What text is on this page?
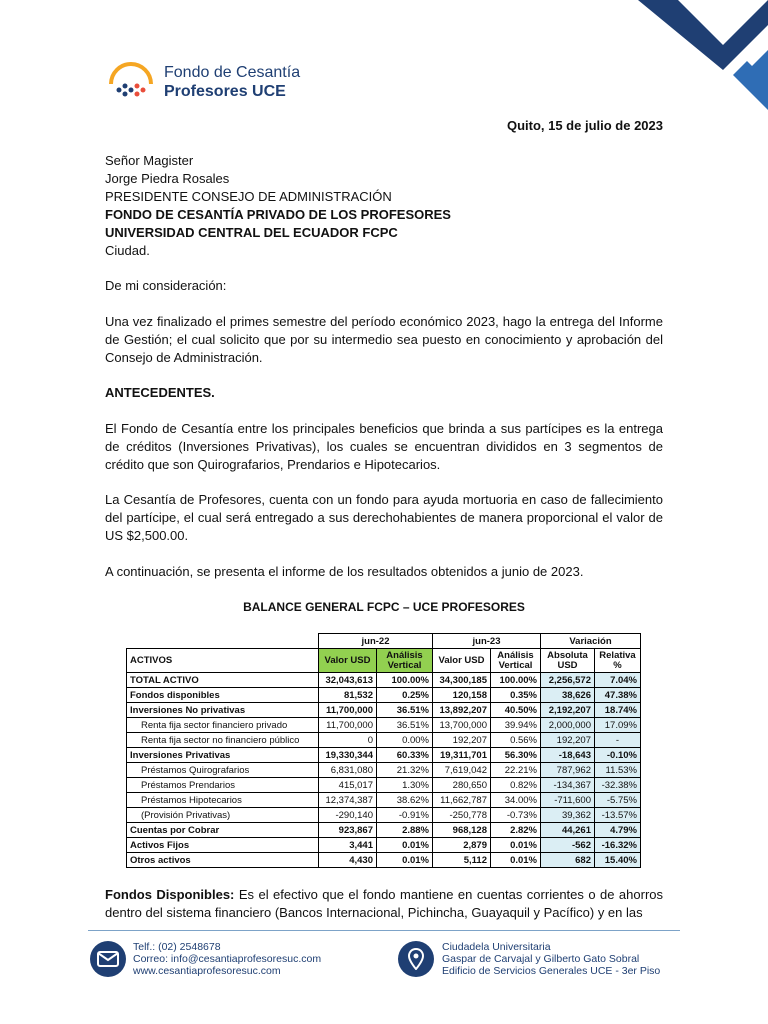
Fondo de Cesantía
Profesores UCE
Quito, 15 de julio de 2023
Señor Magister
Jorge Piedra Rosales
PRESIDENTE CONSEJO DE ADMINISTRACIÓN
FONDO DE CESANTÍA PRIVADO DE LOS PROFESORES
UNIVERSIDAD CENTRAL DEL ECUADOR FCPC
Ciudad.
De mi consideración:
Una vez finalizado el primes semestre del período económico 2023, hago la entrega del Informe de Gestión; el cual solicito que por su intermedio sea puesto en conocimiento y aprobación del Consejo de Administración.
ANTECEDENTES.
El Fondo de Cesantía entre los principales beneficios que brinda a sus partícipes es la entrega de créditos (Inversiones Privativas), los cuales se encuentran divididos en 3 segmentos de crédito que son Quirografarios, Prendarios e Hipotecarios.
La Cesantía de Profesores, cuenta con un fondo para ayuda mortuoria en caso de fallecimiento del partícipe, el cual será entregado a sus derechohabientes de manera proporcional el valor de US $2,500.00.
A continuación, se presenta el informe de los resultados obtenidos a junio de 2023.
BALANCE GENERAL FCPC – UCE PROFESORES
	jun-22		jun-23		Variación	
ACTIVOS	Valor USD	Análisis Vertical	Valor USD	Análisis Vertical	Absoluta USD	Relativa %
TOTAL ACTIVO	32,043,613	100.00%	34,300,185	100.00%	2,256,572	7.04%
Fondos disponibles	81,532	0.25%	120,158	0.35%	38,626	47.38%
Inversiones No privativas	11,700,000	36.51%	13,892,207	40.50%	2,192,207	18.74%
Renta fija sector financiero privado	11,700,000	36.51%	13,700,000	39.94%	2,000,000	17.09%
Renta fija sector no financiero público	0	0.00%	192,207	0.56%	192,207	-
Inversiones Privativas	19,330,344	60.33%	19,311,701	56.30%	-18,643	-0.10%
Préstamos Quirografarios	6,831,080	21.32%	7,619,042	22.21%	787,962	11.53%
Préstamos Prendarios	415,017	1.30%	280,650	0.82%	-134,367	-32.38%
Préstamos Hipotecarios	12,374,387	38.62%	11,662,787	34.00%	-711,600	-5.75%
(Provisión Privativas)	-290,140	-0.91%	-250,778	-0.73%	39,362	-13.57%
Cuentas por Cobrar	923,867	2.88%	968,128	2.82%	44,261	4.79%
Activos Fijos	3,441	0.01%	2,879	0.01%	-562	-16.32%
Otros activos	4,430	0.01%	5,112	0.01%	682	15.40%
Fondos Disponibles: Es el efectivo que el fondo mantiene en cuentas corrientes o de ahorros dentro del sistema financiero (Bancos Internacional, Pichincha, Guayaquil y Pacífico) y en las
Telf.: (02) 2548678
Correo: info@cesantiaprofesoresuc.com
www.cesantiaprofesoresuc.com
Ciudadela Universitaria
Gaspar de Carvajal y Gilberto Gato Sobral
Edificio de Servicios Generales UCE - 3er Piso
